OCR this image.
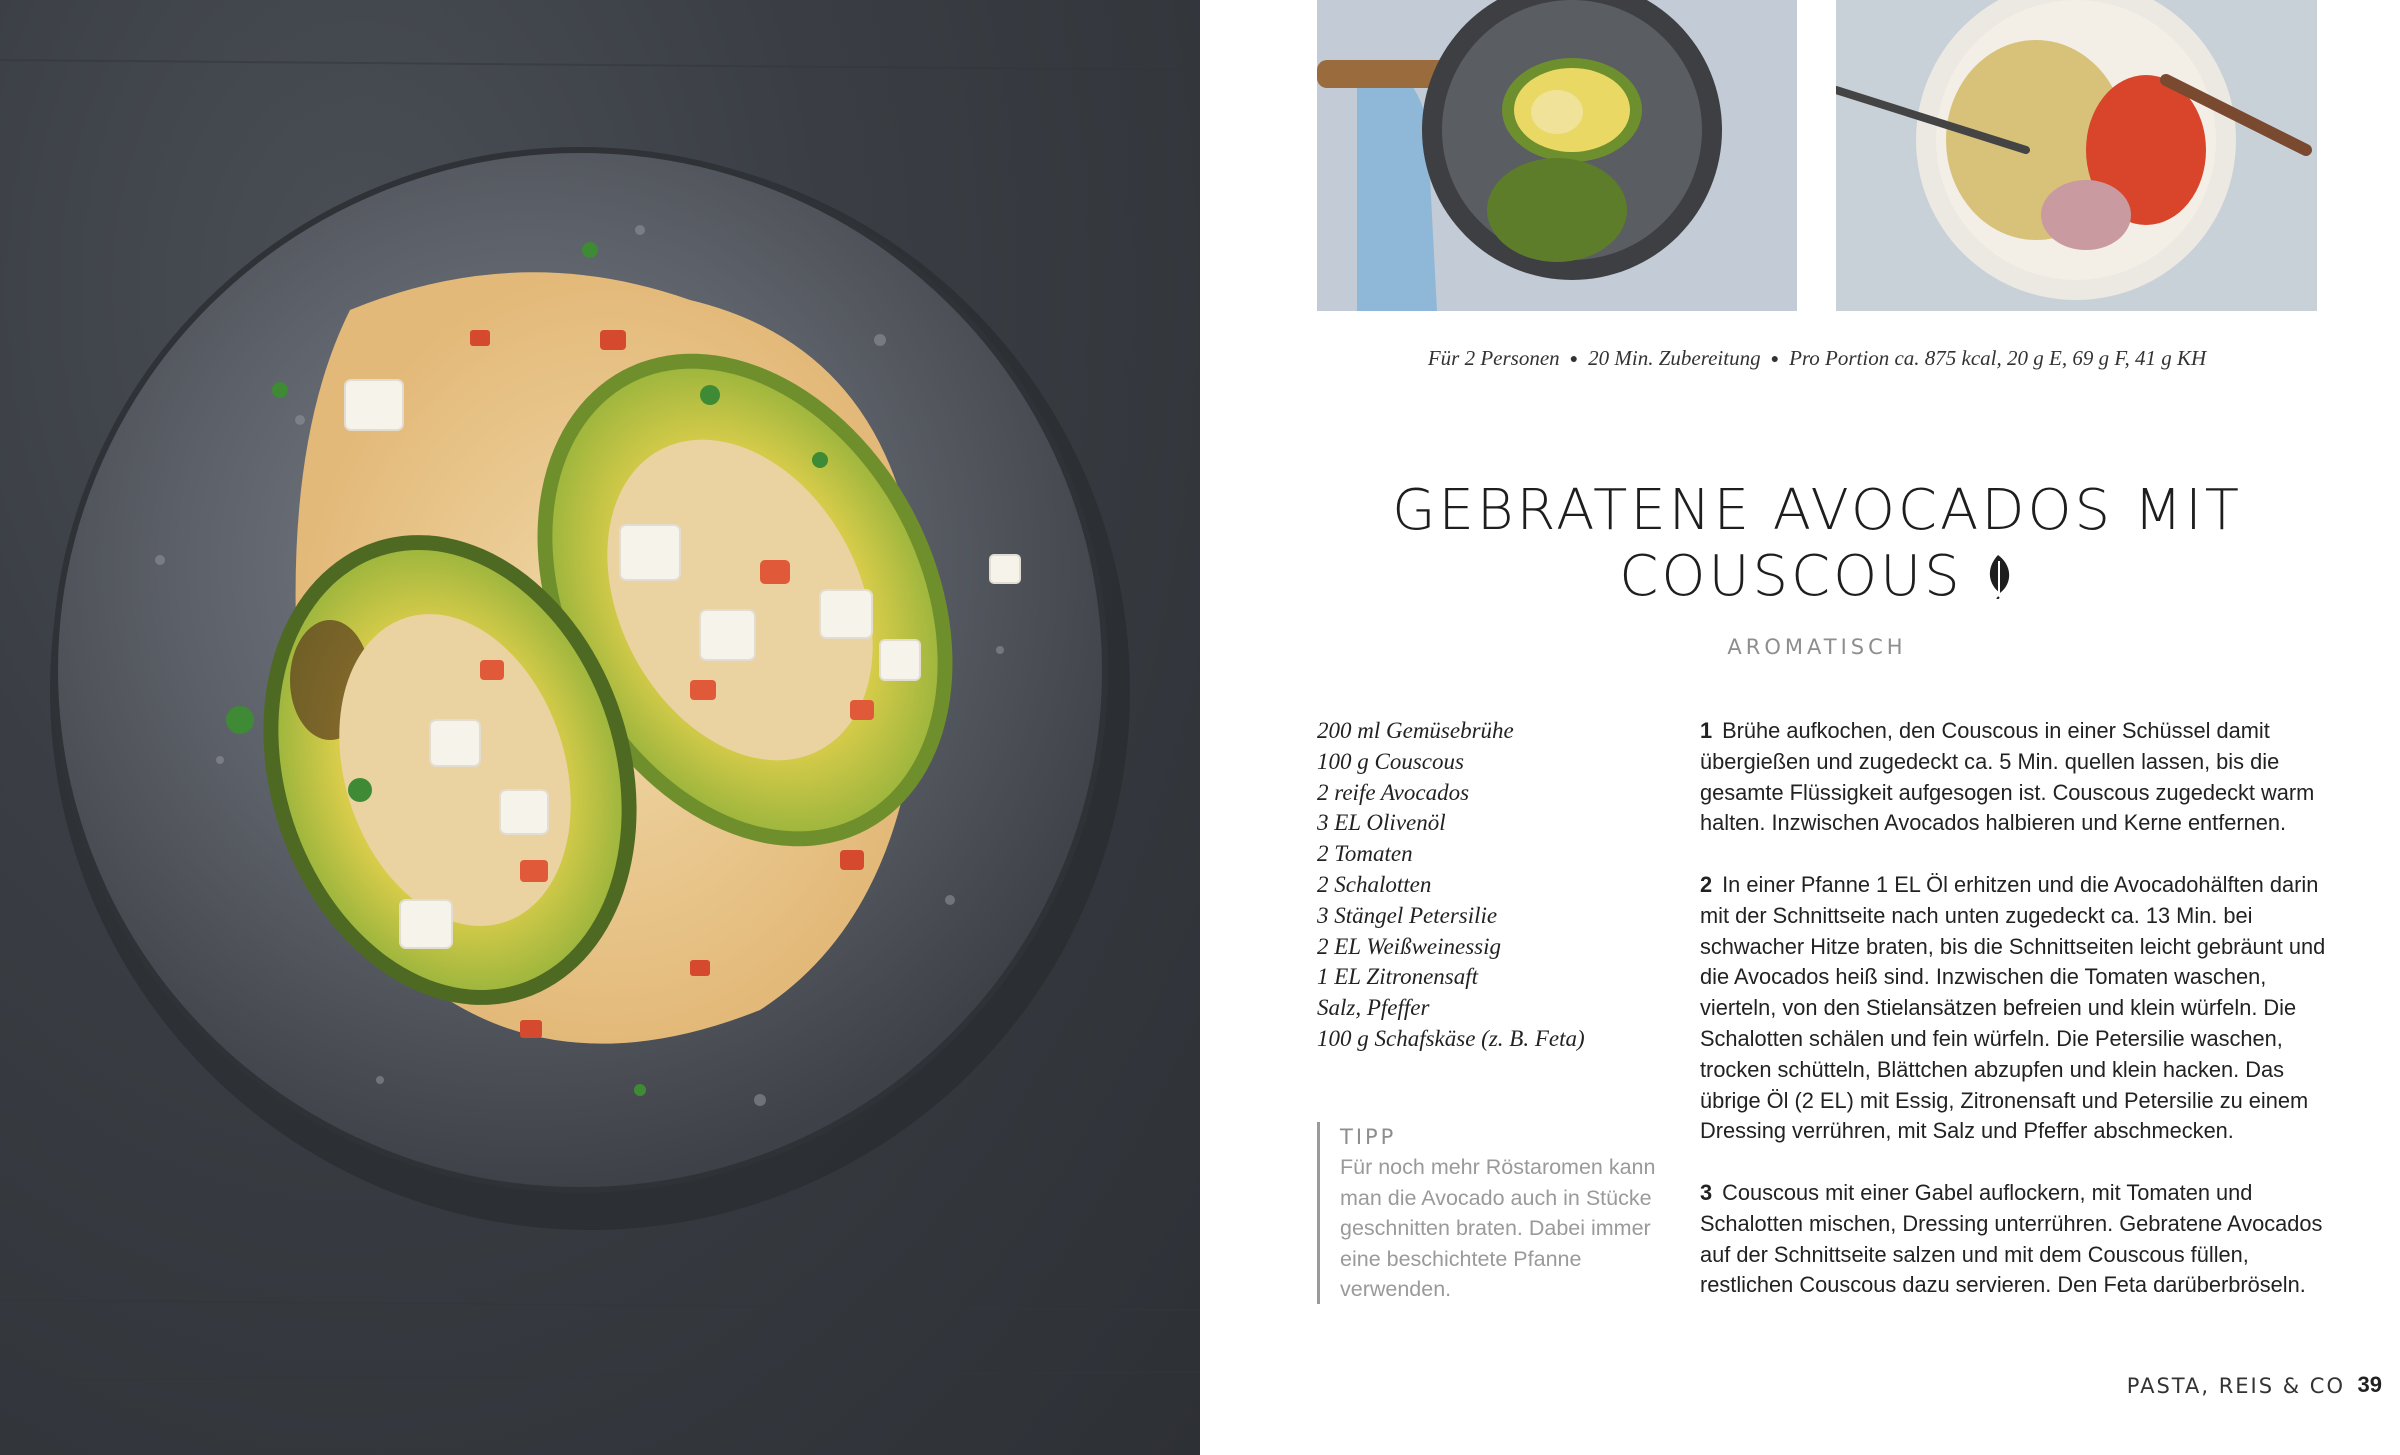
Für 2 Personen ● 20 Min. Zubereitung ● Pro Portion ca. 875 kcal, 20 g E, 69 g F, 41 g KH
GEBRATENE AVOCADOS MIT
COUSCOUS
AROMATISCH
200 ml Gemüsebrühe
100 g Couscous
2 reife Avocados
3 EL Olivenöl
2 Tomaten
2 Schalotten
3 Stängel Petersilie
2 EL Weißweinessig
1 EL Zitronensaft
Salz, Pfeffer
100 g Schafskäse (z. B. Feta)
TIPP
Für noch mehr Röstaromen kann man die Avocado auch in Stücke geschnitten braten. Dabei immer eine beschichtete Pfanne verwenden.

1 Brühe aufkochen, den Couscous in einer Schüssel damit übergießen und zugedeckt ca. 5 Min. quellen lassen, bis die gesamte Flüssigkeit aufgesogen ist. Couscous zugedeckt warm halten. Inzwischen Avocados halbieren und Kerne entfernen.

2 In einer Pfanne 1 EL Öl erhitzen und die Avocadohälften darin mit der Schnittseite nach unten zugedeckt ca. 13 Min. bei schwacher Hitze braten, bis die Schnittseiten leicht gebräunt und die Avocados heiß sind. Inzwischen die Tomaten waschen, vierteln, von den Stielansätzen befreien und klein würfeln. Die Schalotten schälen und fein würfeln. Die Petersilie waschen, trocken schütteln, Blättchen abzupfen und klein hacken. Das übrige Öl (2 EL) mit Essig, Zitronensaft und Petersilie zu einem Dressing verrühren, mit Salz und Pfeffer abschmecken.

3 Couscous mit einer Gabel auflockern, mit Tomaten und Schalotten mischen, Dressing unterrühren. Gebratene Avocados auf der Schnittseite salzen und mit dem Couscous füllen, restlichen Couscous dazu servieren. Den Feta darüberbröseln.

PASTA, REIS & CO 39
